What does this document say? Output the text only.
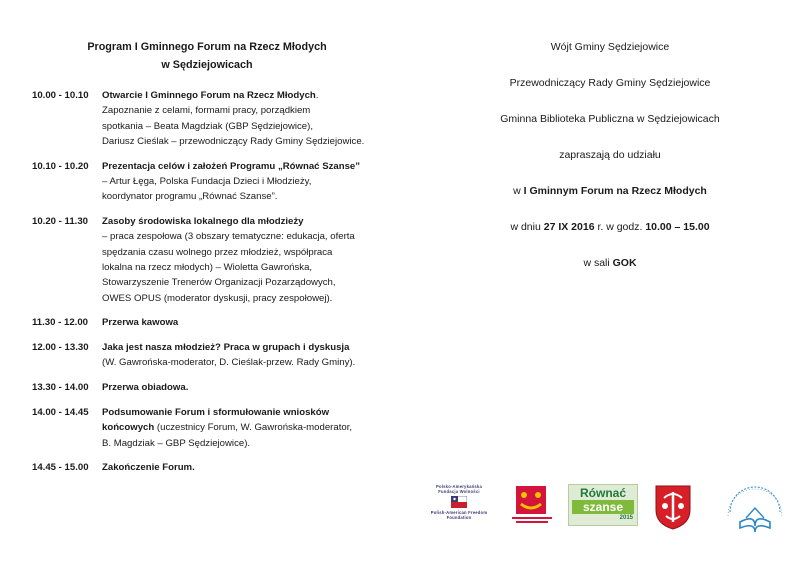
Program I Gminnego Forum na Rzecz Młodych
w Sędziejowicach
10.00 - 10.10	Otwarcie I Gminnego Forum na Rzecz Młodych.
Zapoznanie z celami, formami pracy, porządkiem
spotkania – Beata Magdziak (GBP Sędziejowice),
Dariusz Cieślak – przewodniczący Rady Gminy Sędziejowice.
10.10 - 10.20	Prezentacja celów i założeń Programu „Równać Szanse”
– Artur Łęga, Polska Fundacja Dzieci i Młodzieży,
koordynator programu „Równać Szanse”.
10.20 - 11.30	Zasoby środowiska lokalnego dla młodzieży
– praca zespołowa (3 obszary tematyczne: edukacja, oferta
spędzania czasu wolnego przez młodzież, współpraca
lokalna na rzecz młodych) – Wioletta Gawrońska,
Stowarzyszenie Trenerów Organizacji Pozarządowych,
OWES OPUS (moderator dyskusji, pracy zespołowej).
11.30 - 12.00	Przerwa kawowa
12.00 - 13.30	Jaka jest nasza młodzież? Praca w grupach i dyskusja
(W. Gawrońska-moderator, D. Cieślak-przew. Rady Gminy).
13.30 - 14.00	Przerwa obiadowa.
14.00 - 14.45	Podsumowanie Forum i sformułowanie wniosków
końcowych (uczestnicy Forum, W. Gawrońska-moderator,
B. Magdziak – GBP Sędziejowice).
14.45 - 15.00	Zakończenie Forum.
Wójt Gminy Sędziejowice
Przewodniczący Rady Gminy Sędziejowice
Gminna Biblioteka Publiczna w Sędziejowicach
zapraszają do udziału
w I Gminnym Forum na Rzecz Młodych
w dniu 27 IX 2016 r. w godz. 10.00 – 15.00
w sali GOK
Polsko-Amerykańska Fundacja Wolności
Polish-American Freedom Foundation
Równać
szanse
2015
